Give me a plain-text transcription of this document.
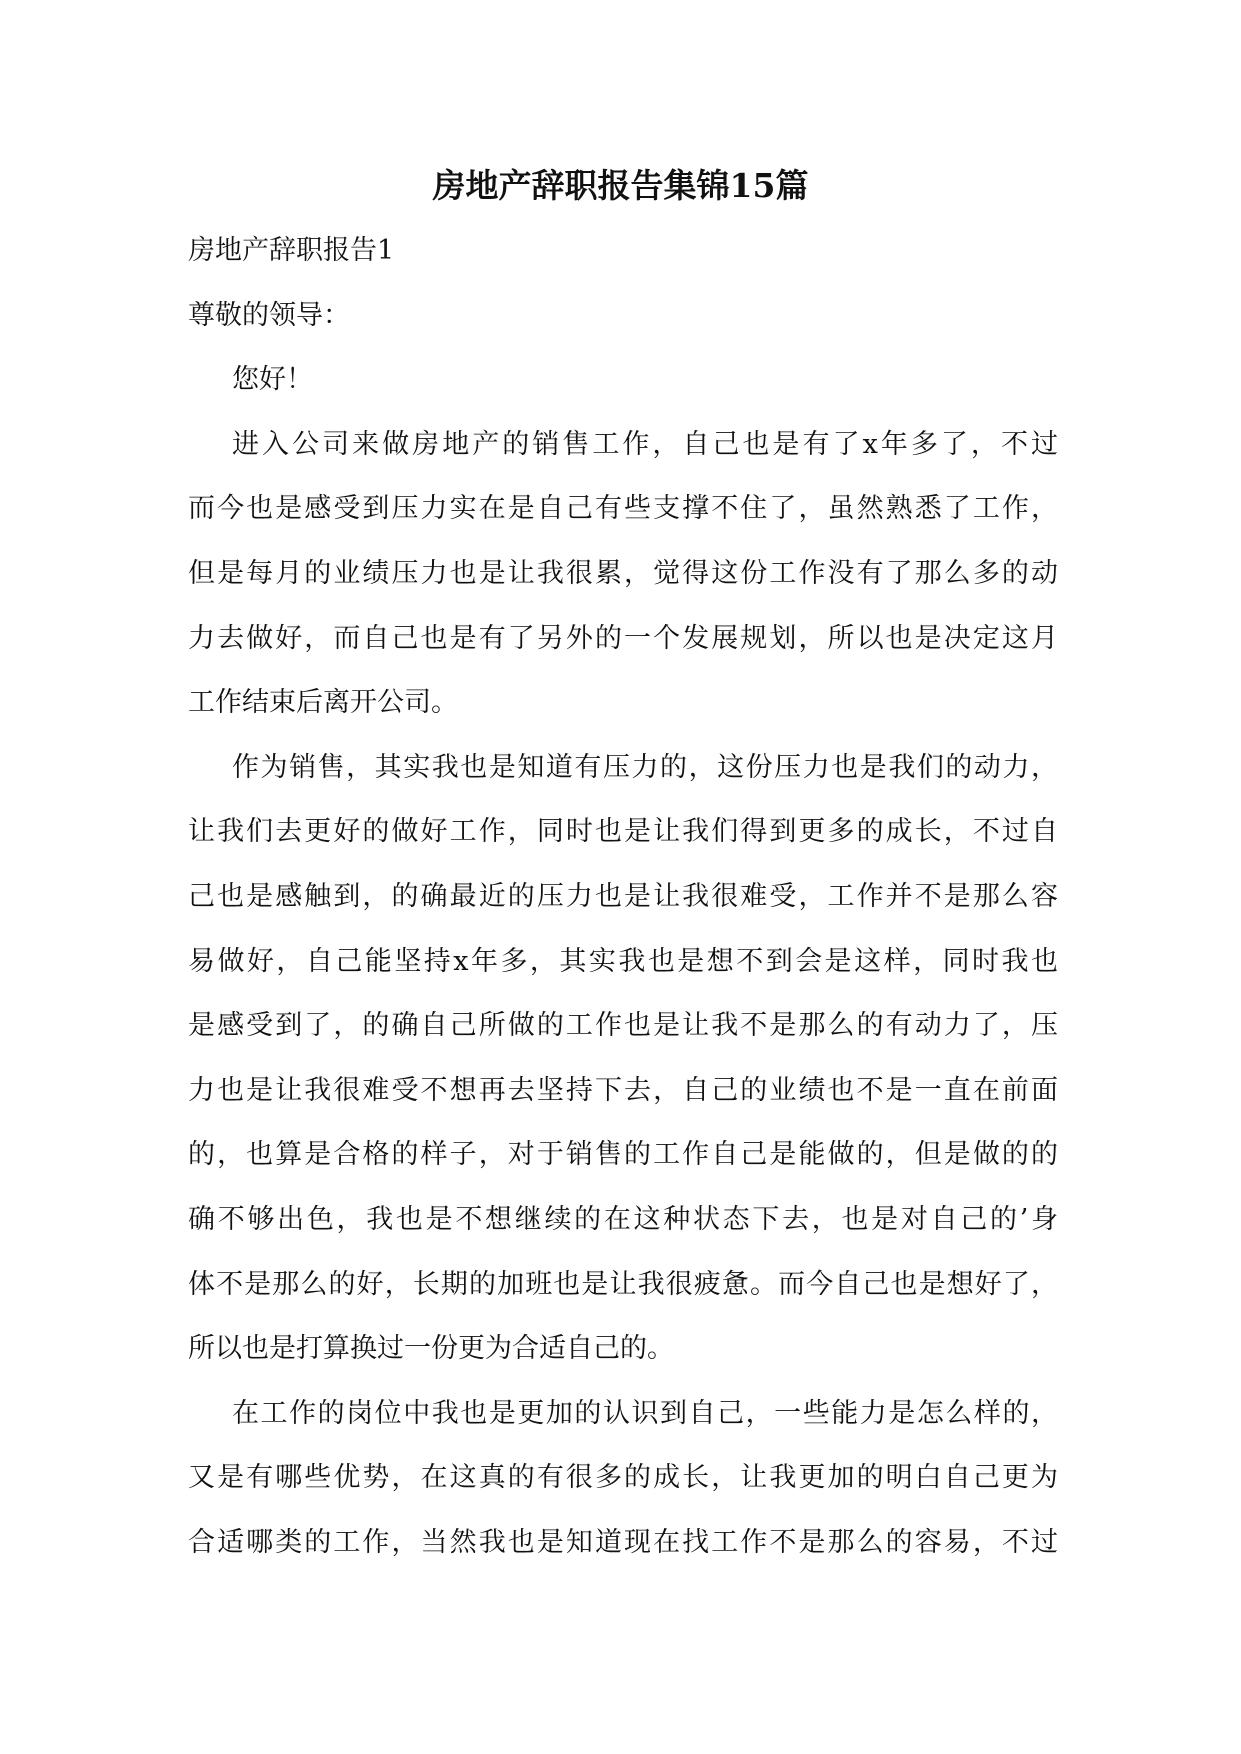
房地产辞职报告集锦15篇
房地产辞职报告1
尊敬的领导：
您好！
进入公司来做房地产的销售工作，自己也是有了x年多了，不过
而今也是感受到压力实在是自己有些支撑不住了，虽然熟悉了工作，
但是每月的业绩压力也是让我很累，觉得这份工作没有了那么多的动
力去做好，而自己也是有了另外的一个发展规划，所以也是决定这月
工作结束后离开公司。
作为销售，其实我也是知道有压力的，这份压力也是我们的动力，
让我们去更好的做好工作，同时也是让我们得到更多的成长，不过自
己也是感触到，的确最近的压力也是让我很难受，工作并不是那么容
易做好，自己能坚持x年多，其实我也是想不到会是这样，同时我也
是感受到了，的确自己所做的工作也是让我不是那么的有动力了，压
力也是让我很难受不想再去坚持下去，自己的业绩也不是一直在前面
的，也算是合格的样子，对于销售的工作自己是能做的，但是做的的
确不够出色，我也是不想继续的在这种状态下去，也是对自己的’身
体不是那么的好，长期的加班也是让我很疲惫。而今自己也是想好了，
所以也是打算换过一份更为合适自己的。
在工作的岗位中我也是更加的认识到自己，一些能力是怎么样的，
又是有哪些优势，在这真的有很多的成长，让我更加的明白自己更为
合适哪类的工作，当然我也是知道现在找工作不是那么的容易，不过
